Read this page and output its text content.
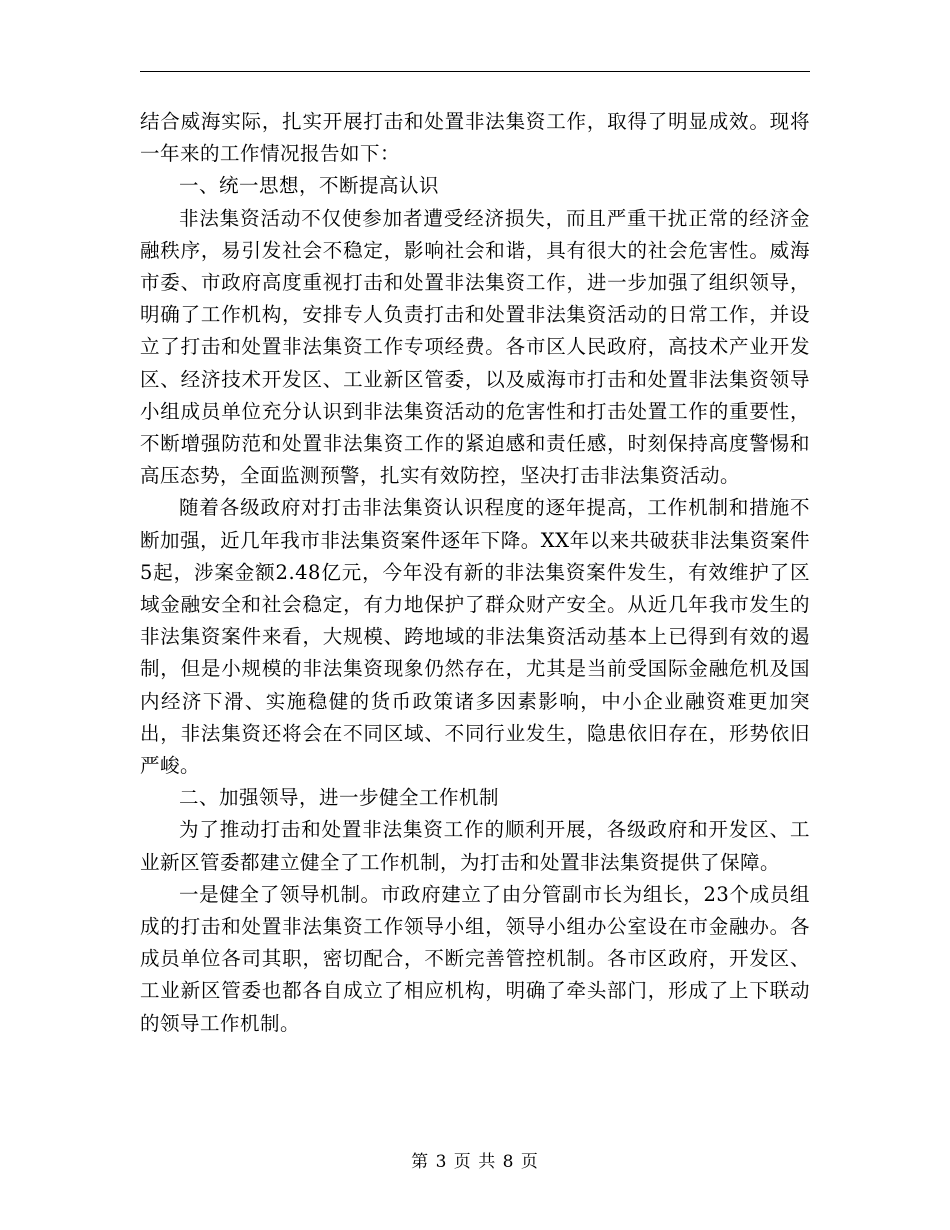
结合威海实际，扎实开展打击和处置非法集资工作，取得了明显成效。现将一年来的工作情况报告如下：

一、统一思想，不断提高认识

非法集资活动不仅使参加者遭受经济损失，而且严重干扰正常的经济金融秩序，易引发社会不稳定，影响社会和谐，具有很大的社会危害性。威海市委、市政府高度重视打击和处置非法集资工作，进一步加强了组织领导，明确了工作机构，安排专人负责打击和处置非法集资活动的日常工作，并设立了打击和处置非法集资工作专项经费。各市区人民政府，高技术产业开发区、经济技术开发区、工业新区管委，以及威海市打击和处置非法集资领导小组成员单位充分认识到非法集资活动的危害性和打击处置工作的重要性，不断增强防范和处置非法集资工作的紧迫感和责任感，时刻保持高度警惕和高压态势，全面监测预警，扎实有效防控，坚决打击非法集资活动。

随着各级政府对打击非法集资认识程度的逐年提高，工作机制和措施不断加强，近几年我市非法集资案件逐年下降。XX年以来共破获非法集资案件5起，涉案金额2.48亿元，今年没有新的非法集资案件发生，有效维护了区域金融安全和社会稳定，有力地保护了群众财产安全。从近几年我市发生的非法集资案件来看，大规模、跨地域的非法集资活动基本上已得到有效的遏制，但是小规模的非法集资现象仍然存在，尤其是当前受国际金融危机及国内经济下滑、实施稳健的货币政策诸多因素影响，中小企业融资难更加突出，非法集资还将会在不同区域、不同行业发生，隐患依旧存在，形势依旧严峻。

二、加强领导，进一步健全工作机制

为了推动打击和处置非法集资工作的顺利开展，各级政府和开发区、工业新区管委都建立健全了工作机制，为打击和处置非法集资提供了保障。

一是健全了领导机制。市政府建立了由分管副市长为组长，23个成员组成的打击和处置非法集资工作领导小组，领导小组办公室设在市金融办。各成员单位各司其职，密切配合，不断完善管控机制。各市区政府，开发区、工业新区管委也都各自成立了相应机构，明确了牵头部门，形成了上下联动的领导工作机制。

第 3 页 共 8 页
